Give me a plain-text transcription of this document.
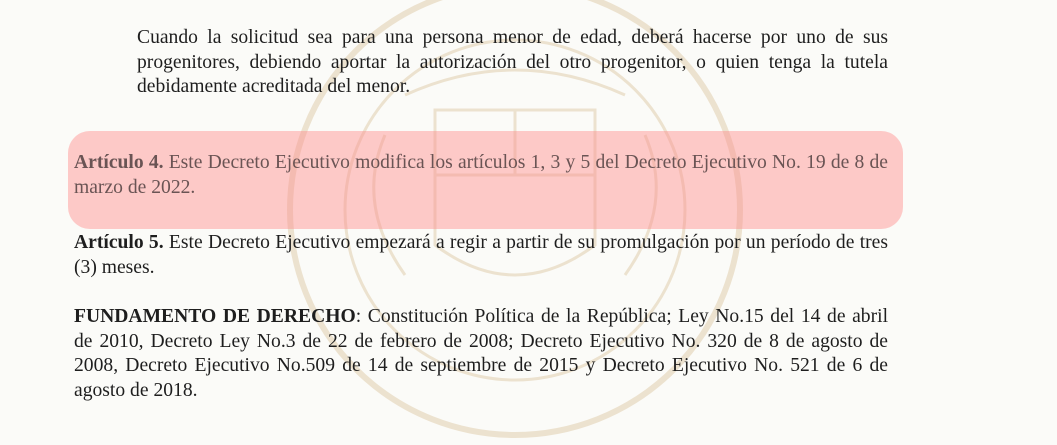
Cuando la solicitud sea para una persona menor de edad, deberá hacerse por uno de sus progenitores, debiendo aportar la autorización del otro progenitor, o quien tenga la tutela debidamente acreditada del menor.

Artículo 4. Este Decreto Ejecutivo modifica los artículos 1, 3 y 5 del Decreto Ejecutivo No. 19 de 8 de marzo de 2022.

Artículo 5. Este Decreto Ejecutivo empezará a regir a partir de su promulgación por un período de tres (3) meses.

FUNDAMENTO DE DERECHO: Constitución Política de la República; Ley No.15 del 14 de abril de 2010, Decreto Ley No.3 de 22 de febrero de 2008; Decreto Ejecutivo No. 320 de 8 de agosto de 2008, Decreto Ejecutivo No.509 de 14 de septiembre de 2015 y Decreto Ejecutivo No. 521 de 6 de agosto de 2018.
